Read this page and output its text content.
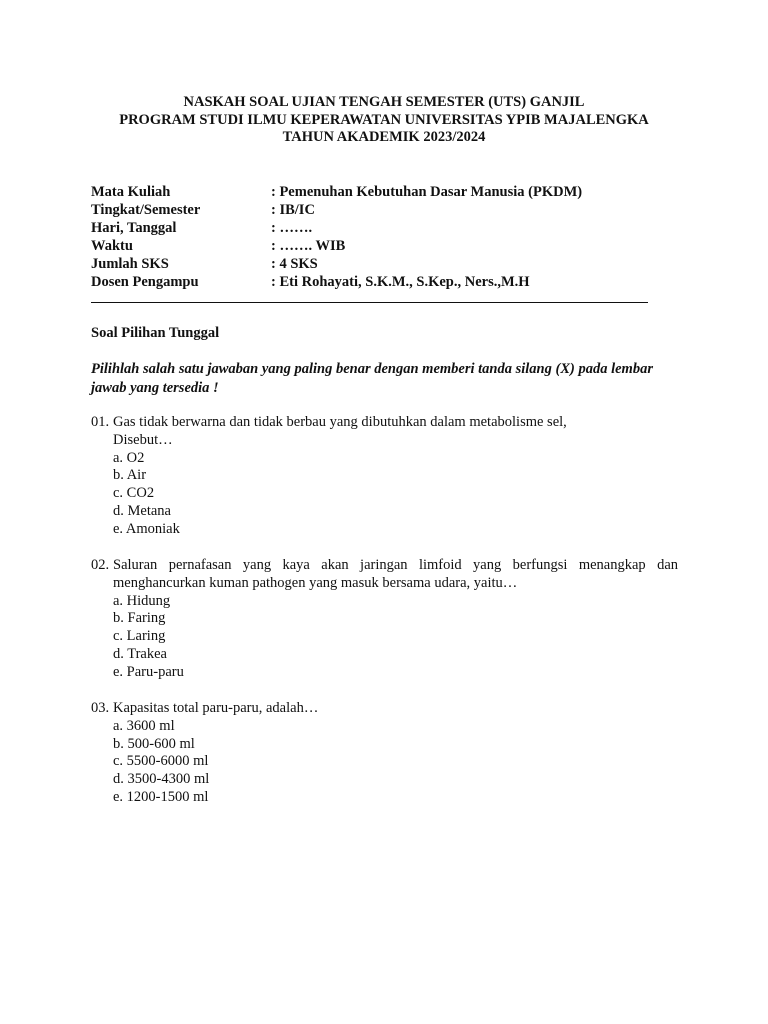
NASKAH SOAL UJIAN TENGAH SEMESTER (UTS) GANJIL
PROGRAM STUDI ILMU KEPERAWATAN UNIVERSITAS YPIB MAJALENGKA
TAHUN AKADEMIK 2023/2024
Mata Kuliah	: Pemenuhan Kebutuhan Dasar Manusia (PKDM)
Tingkat/Semester	: IB/IC
Hari, Tanggal	: …….
Waktu	: ……. WIB
Jumlah SKS	: 4 SKS
Dosen Pengampu	: Eti Rohayati, S.K.M., S.Kep., Ners.,M.H
Soal Pilihan Tunggal
Pilihlah salah satu jawaban yang paling benar dengan memberi tanda silang (X) pada lembar jawab yang tersedia !
01. Gas tidak berwarna dan tidak berbau yang dibutuhkan dalam metabolisme sel,
Disebut…
a. O2
b. Air
c. CO2
d. Metana
e. Amoniak
02. Saluran pernafasan yang kaya akan jaringan limfoid yang berfungsi menangkap dan
menghancurkan kuman pathogen yang masuk bersama udara, yaitu…
a. Hidung
b. Faring
c. Laring
d. Trakea
e. Paru-paru
03. Kapasitas total paru-paru, adalah…
a. 3600 ml
b. 500-600 ml
c. 5500-6000 ml
d. 3500-4300 ml
e. 1200-1500 ml
